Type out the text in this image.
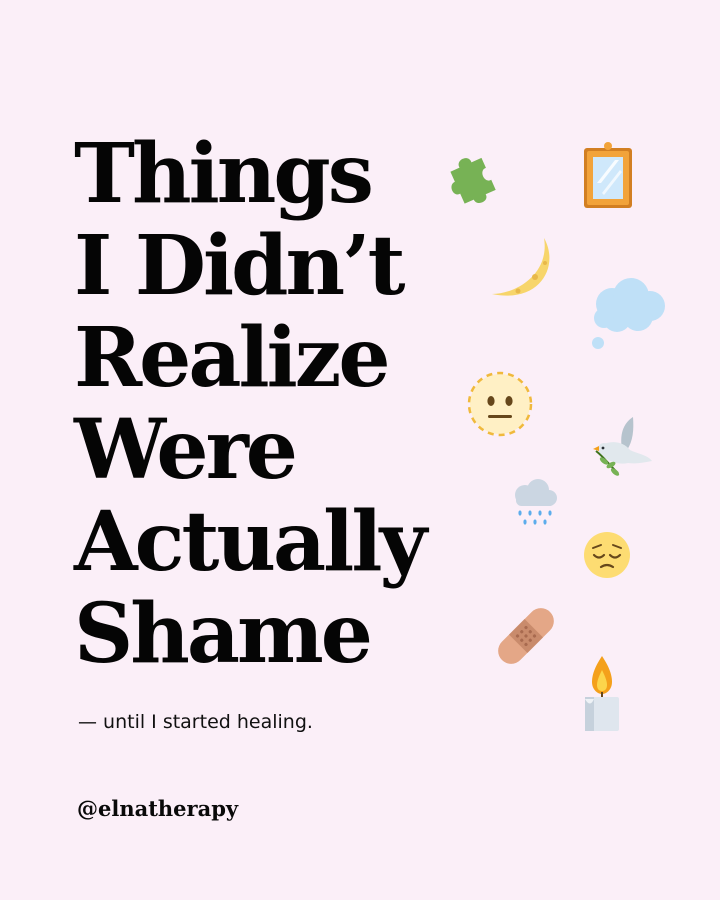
Things
I Didn’t
Realize
Were
Actually
Shame

— until I started healing.

@elnatherapy
